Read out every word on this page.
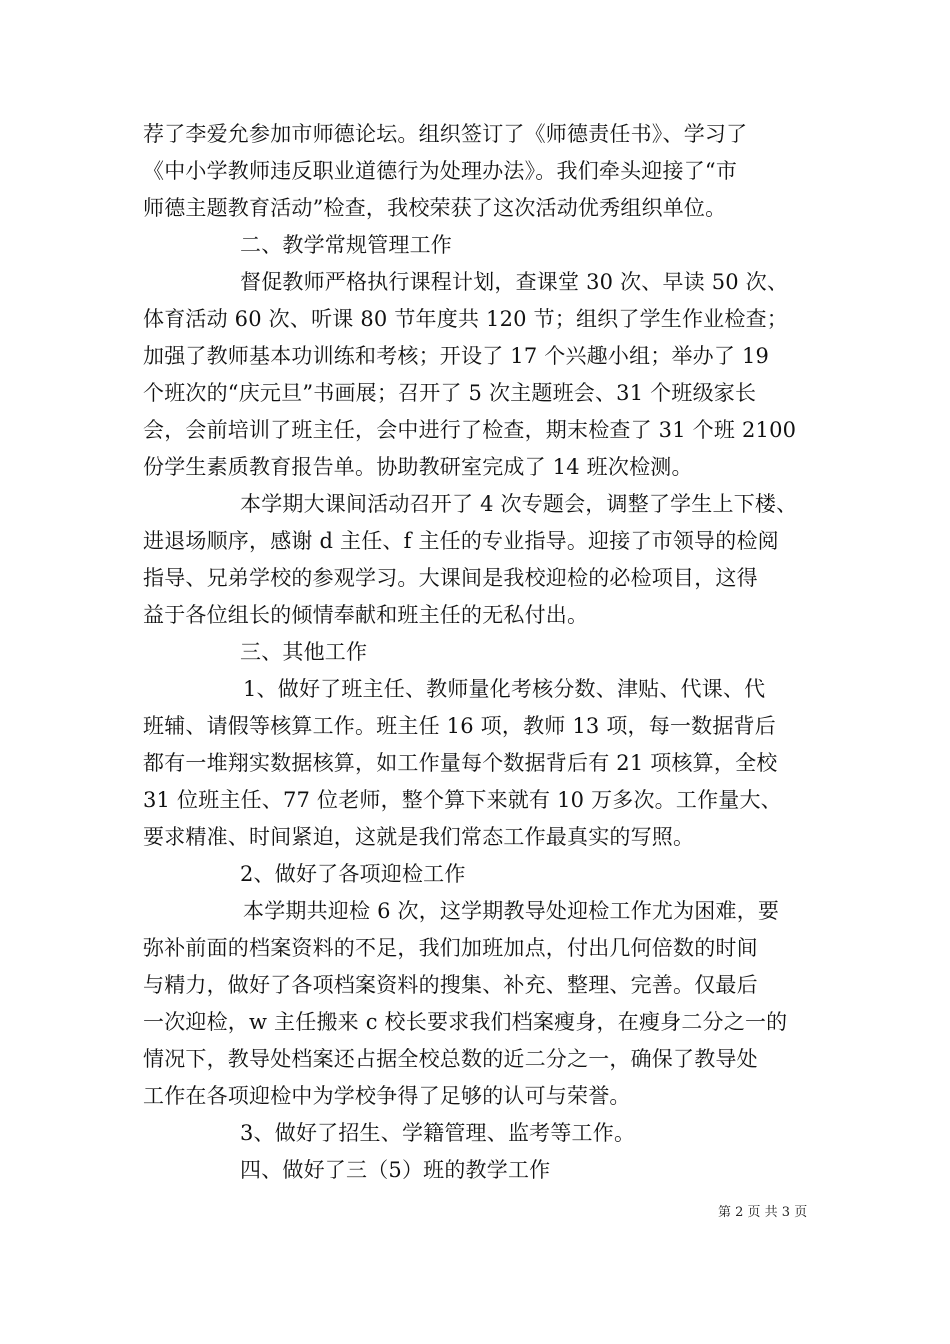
荐了李爱允参加市师德论坛。组织签订了《师德责任书》、学习了
《中小学教师违反职业道德行为处理办法》。我们牵头迎接了“市
师德主题教育活动”检查，我校荣获了这次活动优秀组织单位。
二、教学常规管理工作
督促教师严格执行课程计划，查课堂 30 次、早读 50 次、
体育活动 60 次、听课 80 节年度共 120 节；组织了学生作业检查；
加强了教师基本功训练和考核；开设了 17 个兴趣小组；举办了 19
个班次的“庆元旦”书画展；召开了 5 次主题班会、31 个班级家长
会，会前培训了班主任，会中进行了检查，期末检查了 31 个班 2100
份学生素质教育报告单。协助教研室完成了 14 班次检测。
本学期大课间活动召开了 4 次专题会，调整了学生上下楼、
进退场顺序，感谢 d 主任、f 主任的专业指导。迎接了市领导的检阅
指导、兄弟学校的参观学习。大课间是我校迎检的必检项目，这得
益于各位组长的倾情奉献和班主任的无私付出。
三、其他工作
1、做好了班主任、教师量化考核分数、津贴、代课、代
班辅、请假等核算工作。班主任 16 项，教师 13 项，每一数据背后
都有一堆翔实数据核算，如工作量每个数据背后有 21 项核算，全校
31 位班主任、77 位老师，整个算下来就有 10 万多次。工作量大、
要求精准、时间紧迫，这就是我们常态工作最真实的写照。
2、做好了各项迎检工作
本学期共迎检 6 次，这学期教导处迎检工作尤为困难，要
弥补前面的档案资料的不足，我们加班加点，付出几何倍数的时间
与精力，做好了各项档案资料的搜集、补充、整理、完善。仅最后
一次迎检，w 主任搬来 c 校长要求我们档案瘦身，在瘦身二分之一的
情况下，教导处档案还占据全校总数的近二分之一，确保了教导处
工作在各项迎检中为学校争得了足够的认可与荣誉。
3、做好了招生、学籍管理、监考等工作。
四、做好了三（5）班的教学工作
第 2 页 共 3 页
